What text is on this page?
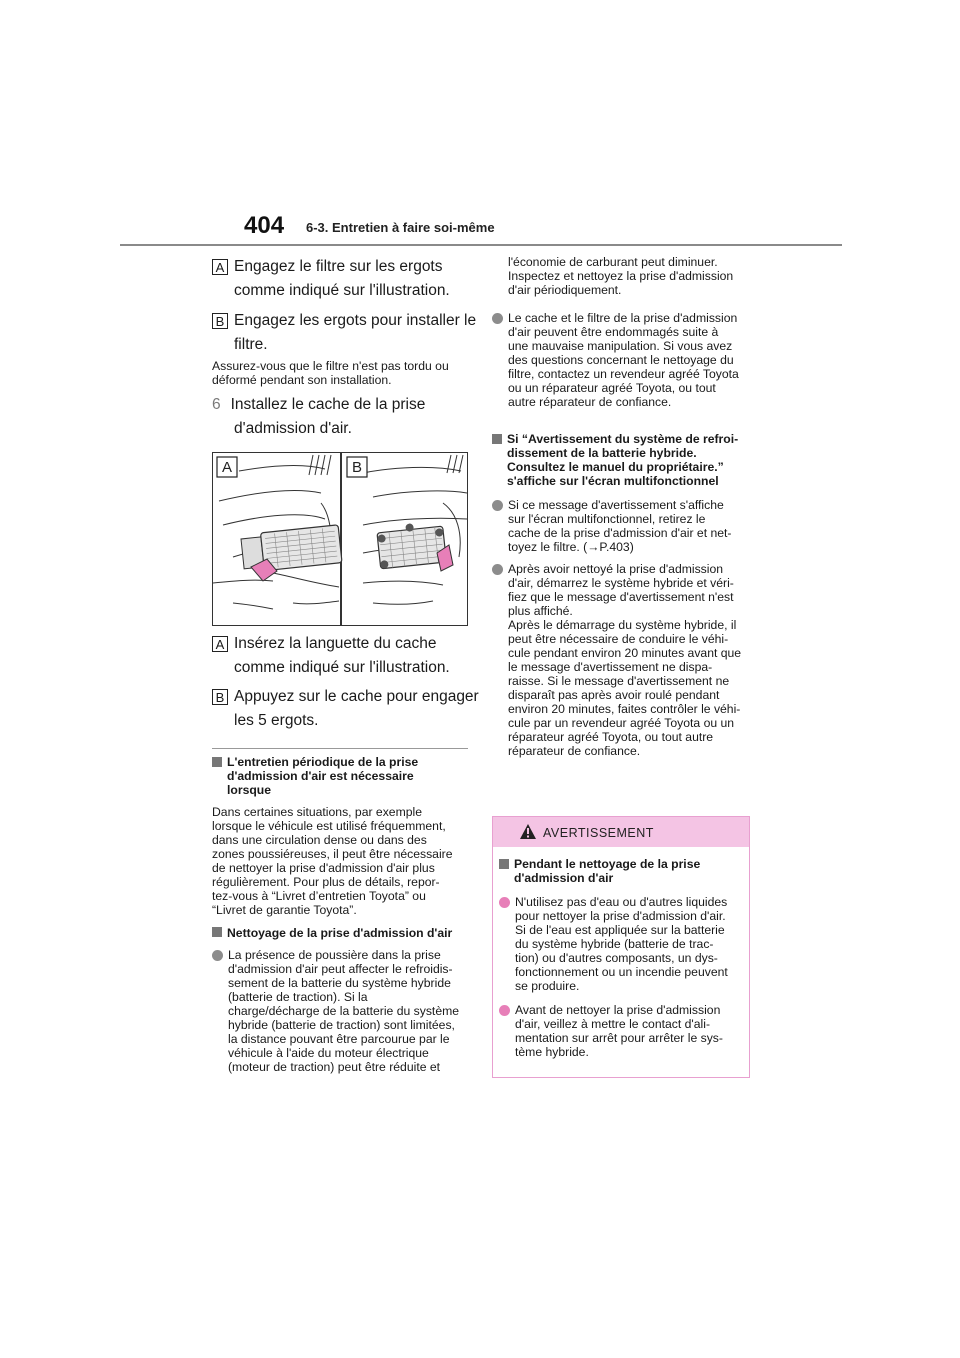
404 6-3. Entretien à faire soi-même
A Engagez le filtre sur les ergots
comme indiqué sur l'illustration.
B Engagez les ergots pour installer le
filtre.
Assurez-vous que le filtre n'est pas tordu ou
déformé pendant son installation.
6 Installez le cache de la prise
d'admission d'air.
A	B
A Insérez la languette du cache
comme indiqué sur l'illustration.
B Appuyez sur le cache pour engager
les 5 ergots.
L'entretien périodique de la prise
d'admission d'air est nécessaire
lorsque
Dans certaines situations, par exemple
lorsque le véhicule est utilisé fréquemment,
dans une circulation dense ou dans des
zones poussiéreuses, il peut être nécessaire
de nettoyer la prise d'admission d'air plus
régulièrement. Pour plus de détails, repor-
tez-vous à “Livret d’entretien Toyota” ou
“Livret de garantie Toyota”.
Nettoyage de la prise d'admission d'air
La présence de poussière dans la prise
d'admission d'air peut affecter le refroidis-
sement de la batterie du système hybride
(batterie de traction). Si la
charge/décharge de la batterie du système
hybride (batterie de traction) sont limitées,
la distance pouvant être parcourue par le
véhicule à l'aide du moteur électrique
(moteur de traction) peut être réduite et
l'économie de carburant peut diminuer.
Inspectez et nettoyez la prise d'admission
d'air périodiquement.
Le cache et le filtre de la prise d'admission
d'air peuvent être endommagés suite à
une mauvaise manipulation. Si vous avez
des questions concernant le nettoyage du
filtre, contactez un revendeur agréé Toyota
ou un réparateur agréé Toyota, ou tout
autre réparateur de confiance.
Si “Avertissement du système de refroi-
dissement de la batterie hybride.
Consultez le manuel du propriétaire.”
s'affiche sur l'écran multifonctionnel
Si ce message d'avertissement s'affiche
sur l'écran multifonctionnel, retirez le
cache de la prise d'admission d'air et net-
toyez le filtre. (→P.403)
Après avoir nettoyé la prise d'admission
d'air, démarrez le système hybride et véri-
fiez que le message d'avertissement n'est
plus affiché.
Après le démarrage du système hybride, il
peut être nécessaire de conduire le véhi-
cule pendant environ 20 minutes avant que
le message d'avertissement ne dispa-
raisse. Si le message d'avertissement ne
disparaît pas après avoir roulé pendant
environ 20 minutes, faites contrôler le véhi-
cule par un revendeur agréé Toyota ou un
réparateur agréé Toyota, ou tout autre
réparateur de confiance.
AVERTISSEMENT
Pendant le nettoyage de la prise
d'admission d'air
N'utilisez pas d'eau ou d'autres liquides
pour nettoyer la prise d'admission d'air.
Si de l'eau est appliquée sur la batterie
du système hybride (batterie de trac-
tion) ou d'autres composants, un dys-
fonctionnement ou un incendie peuvent
se produire.
Avant de nettoyer la prise d'admission
d'air, veillez à mettre le contact d'ali-
mentation sur arrêt pour arrêter le sys-
tème hybride.
